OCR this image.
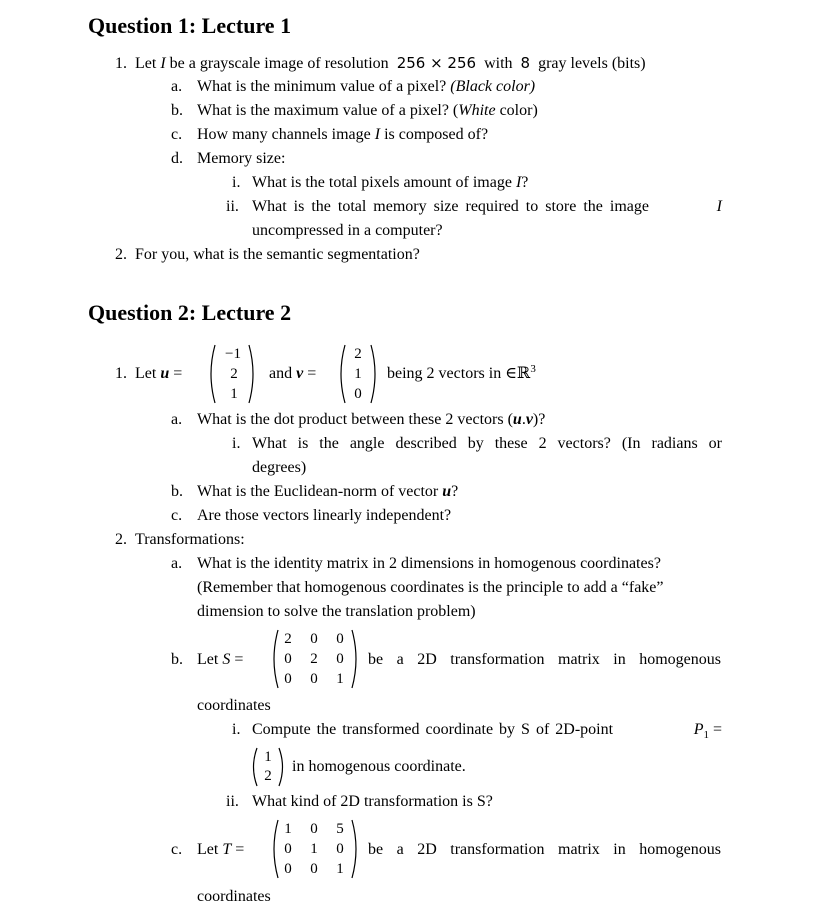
Question 1: Lecture 1
1. Let I be a grayscale image of resolution 256 × 256 with 8 gray levels (bits)
a. What is the minimum value of a pixel? (Black color)
b. What is the maximum value of a pixel? (White color)
c. How many channels image I is composed of?
d. Memory size:
i. What is the total pixels amount of image I?
ii. What is the total memory size required to store the image	I
uncompressed in a computer?
2. For you, what is the semantic segmentation?
Question 2: Lecture 2
1. Let u =
−1
2
1
and v =
2
1
0
being 2 vectors in ∈ℝ$^3$
a. What is the dot product between these 2 vectors (u.v)?
i. What is the angle described by these 2 vectors? (In radians or
degrees)
b. What is the Euclidean-norm of vector u?
c. Are those vectors linearly independent?
2. Transformations:
a. What is the identity matrix in 2 dimensions in homogenous coordinates?
(Remember that homogenous coordinates is the principle to add a “fake”
dimension to solve the translation problem)
b. Let S =
2 0 0
0 2 0
0 0 1
be a 2D transformation matrix in homogenous
coordinates
i. Compute the transformed coordinate by S of 2D-point	$P_1$ =
1
2
in homogenous coordinate.
ii. What kind of 2D transformation is S?
c. Let T =
1 0 5
0 1 0
0 0 1
be a 2D transformation matrix in homogenous
coordinates
